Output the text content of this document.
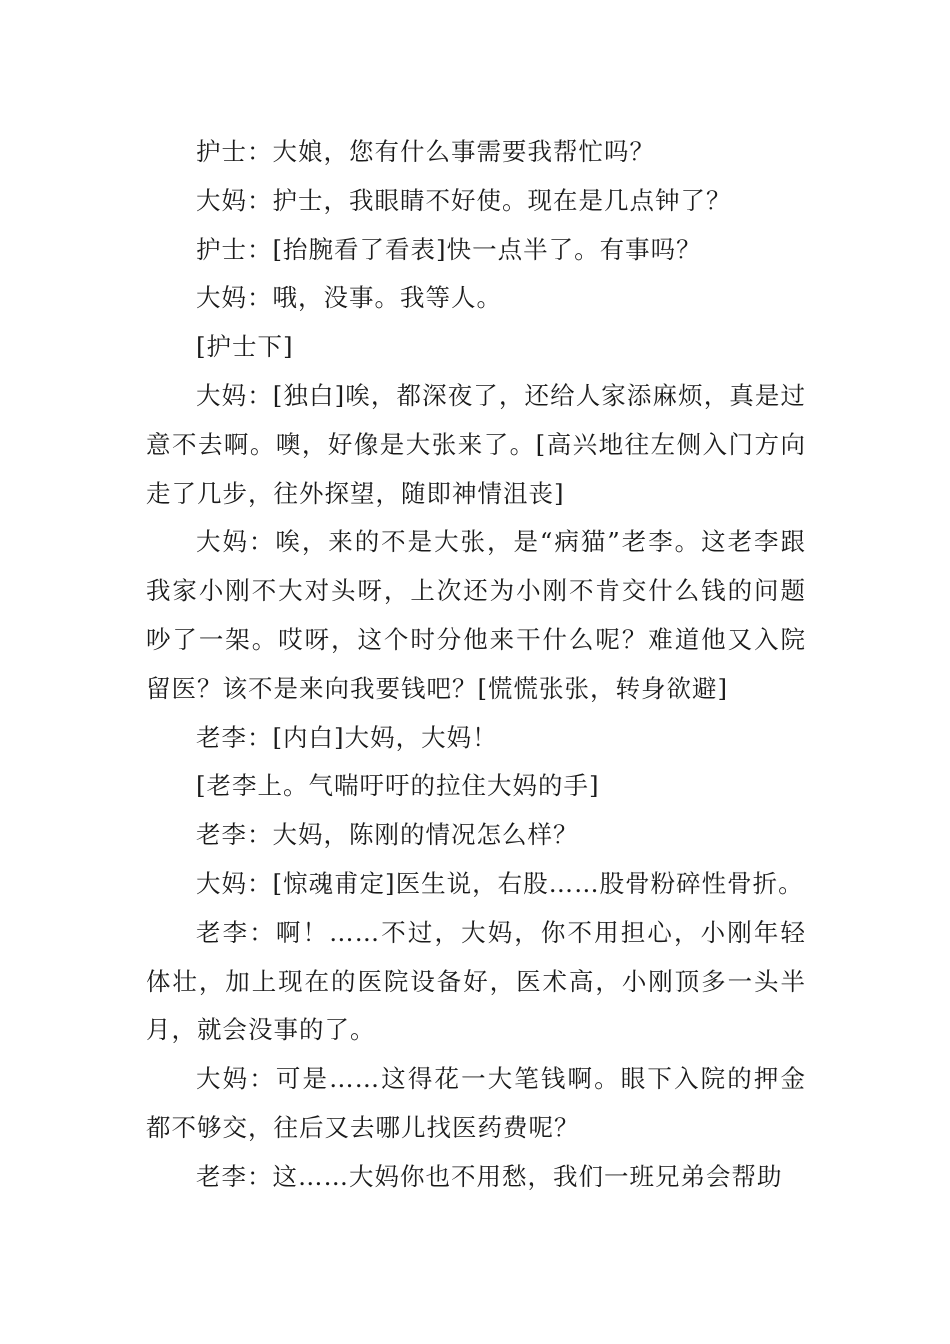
护士：大娘，您有什么事需要我帮忙吗？

大妈：护士，我眼睛不好使。现在是几点钟了？

护士：[抬腕看了看表]快一点半了。有事吗？

大妈：哦，没事。我等人。

[护士下]

大妈：[独白]唉，都深夜了，还给人家添麻烦，真是过意不去啊。噢，好像是大张来了。[高兴地往左侧入门方向走了几步，往外探望，随即神情沮丧]

大妈：唉，来的不是大张，是“病猫”老李。这老李跟我家小刚不大对头呀，上次还为小刚不肯交什么钱的问题吵了一架。哎呀，这个时分他来干什么呢？难道他又入院留医？该不是来向我要钱吧？[慌慌张张，转身欲避]

老李：[内白]大妈，大妈！

[老李上。气喘吁吁的拉住大妈的手]

老李：大妈，陈刚的情况怎么样？

大妈：[惊魂甫定]医生说，右股……股骨粉碎性骨折。

老李：啊！……不过，大妈，你不用担心，小刚年轻体壮，加上现在的医院设备好，医术高，小刚顶多一头半月，就会没事的了。

大妈：可是……这得花一大笔钱啊。眼下入院的押金都不够交，往后又去哪儿找医药费呢？

老李：这……大妈你也不用愁，我们一班兄弟会帮助
